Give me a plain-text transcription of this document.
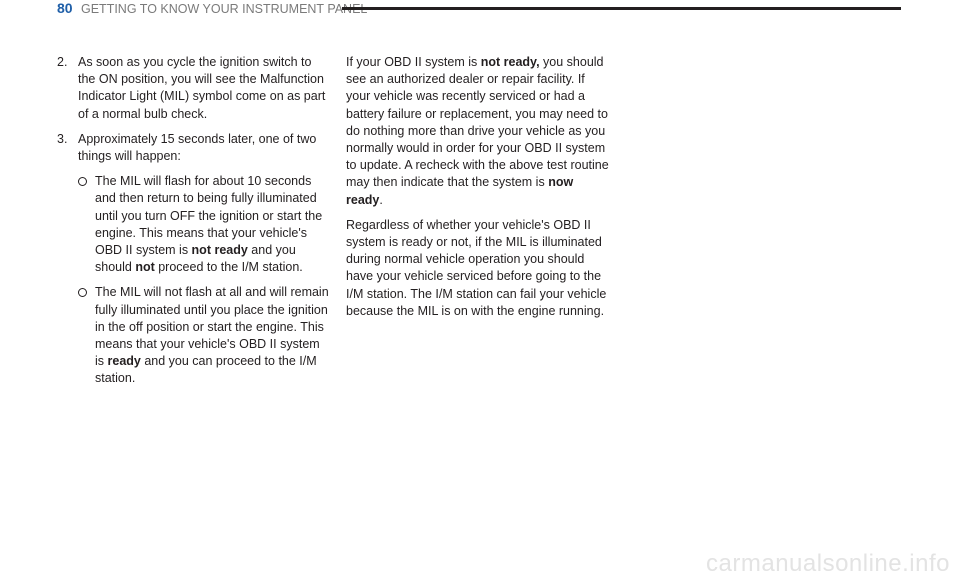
80 GETTING TO KNOW YOUR INSTRUMENT PANEL
2. As soon as you cycle the ignition switch to the ON position, you will see the Malfunction Indicator Light (MIL) symbol come on as part of a normal bulb check.
3. Approximately 15 seconds later, one of two things will happen:
The MIL will flash for about 10 seconds and then return to being fully illuminated until you turn OFF the ignition or start the engine. This means that your vehicle's OBD II system is not ready and you should not proceed to the I/M station.
The MIL will not flash at all and will remain fully illuminated until you place the ignition in the off position or start the engine. This means that your vehicle's OBD II system is ready and you can proceed to the I/M station.

If your OBD II system is not ready, you should see an authorized dealer or repair facility. If your vehicle was recently serviced or had a battery failure or replacement, you may need to do nothing more than drive your vehicle as you normally would in order for your OBD II system to update. A recheck with the above test routine may then indicate that the system is now ready.

Regardless of whether your vehicle's OBD II system is ready or not, if the MIL is illuminated during normal vehicle operation you should have your vehicle serviced before going to the I/M station. The I/M station can fail your vehicle because the MIL is on with the engine running.

carmanualsonline.info
